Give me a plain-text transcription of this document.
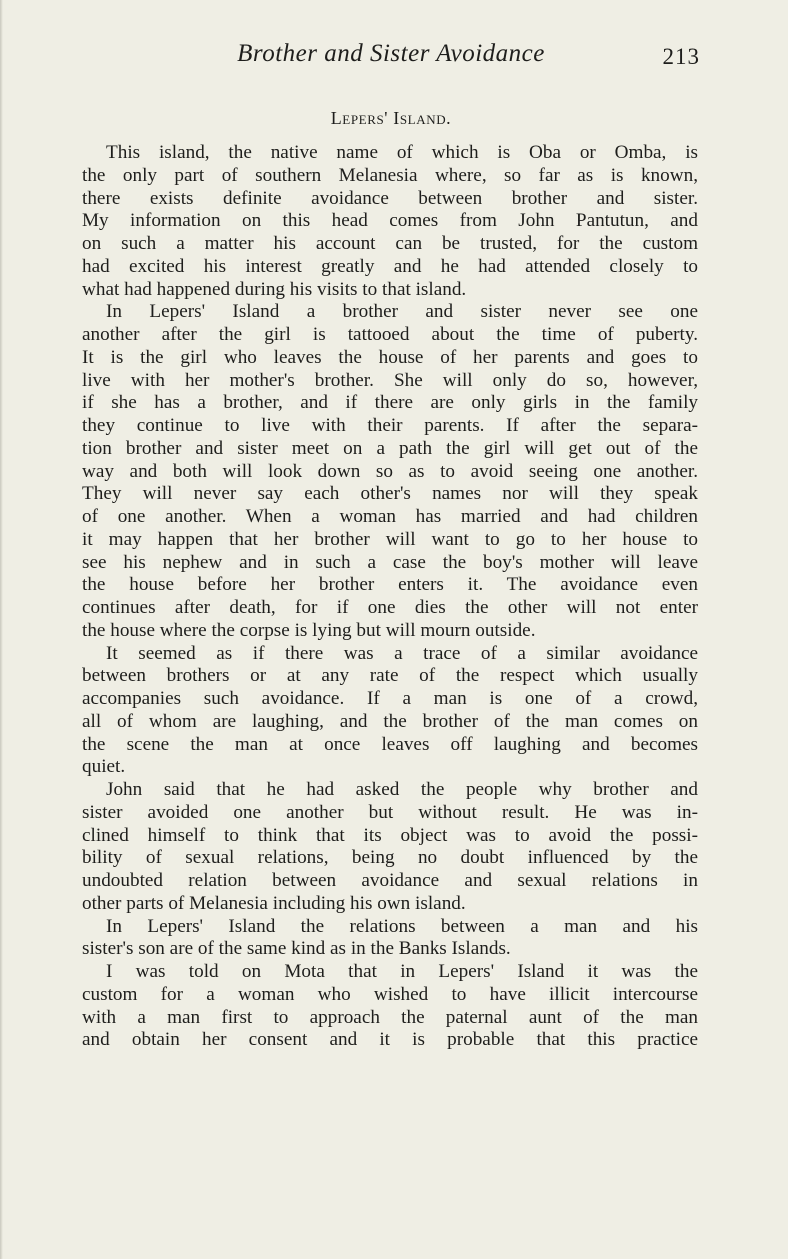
Brother and Sister Avoidance	213
Lepers' Island.
This island, the native name of which is Oba or Omba, is
the only part of southern Melanesia where, so far as is known,
there exists definite avoidance between brother and sister.
My information on this head comes from John Pantutun, and
on such a matter his account can be trusted, for the custom
had excited his interest greatly and he had attended closely to
what had happened during his visits to that island.
In Lepers' Island a brother and sister never see one
another after the girl is tattooed about the time of puberty.
It is the girl who leaves the house of her parents and goes to
live with her mother's brother. She will only do so, however,
if she has a brother, and if there are only girls in the family
they continue to live with their parents. If after the separa-
tion brother and sister meet on a path the girl will get out of the
way and both will look down so as to avoid seeing one another.
They will never say each other's names nor will they speak
of one another. When a woman has married and had children
it may happen that her brother will want to go to her house to
see his nephew and in such a case the boy's mother will leave
the house before her brother enters it. The avoidance even
continues after death, for if one dies the other will not enter
the house where the corpse is lying but will mourn outside.
It seemed as if there was a trace of a similar avoidance
between brothers or at any rate of the respect which usually
accompanies such avoidance. If a man is one of a crowd,
all of whom are laughing, and the brother of the man comes on
the scene the man at once leaves off laughing and becomes
quiet.
John said that he had asked the people why brother and
sister avoided one another but without result. He was in-
clined himself to think that its object was to avoid the possi-
bility of sexual relations, being no doubt influenced by the
undoubted relation between avoidance and sexual relations in
other parts of Melanesia including his own island.
In Lepers' Island the relations between a man and his
sister's son are of the same kind as in the Banks Islands.
I was told on Mota that in Lepers' Island it was the
custom for a woman who wished to have illicit intercourse
with a man first to approach the paternal aunt of the man
and obtain her consent and it is probable that this practice
